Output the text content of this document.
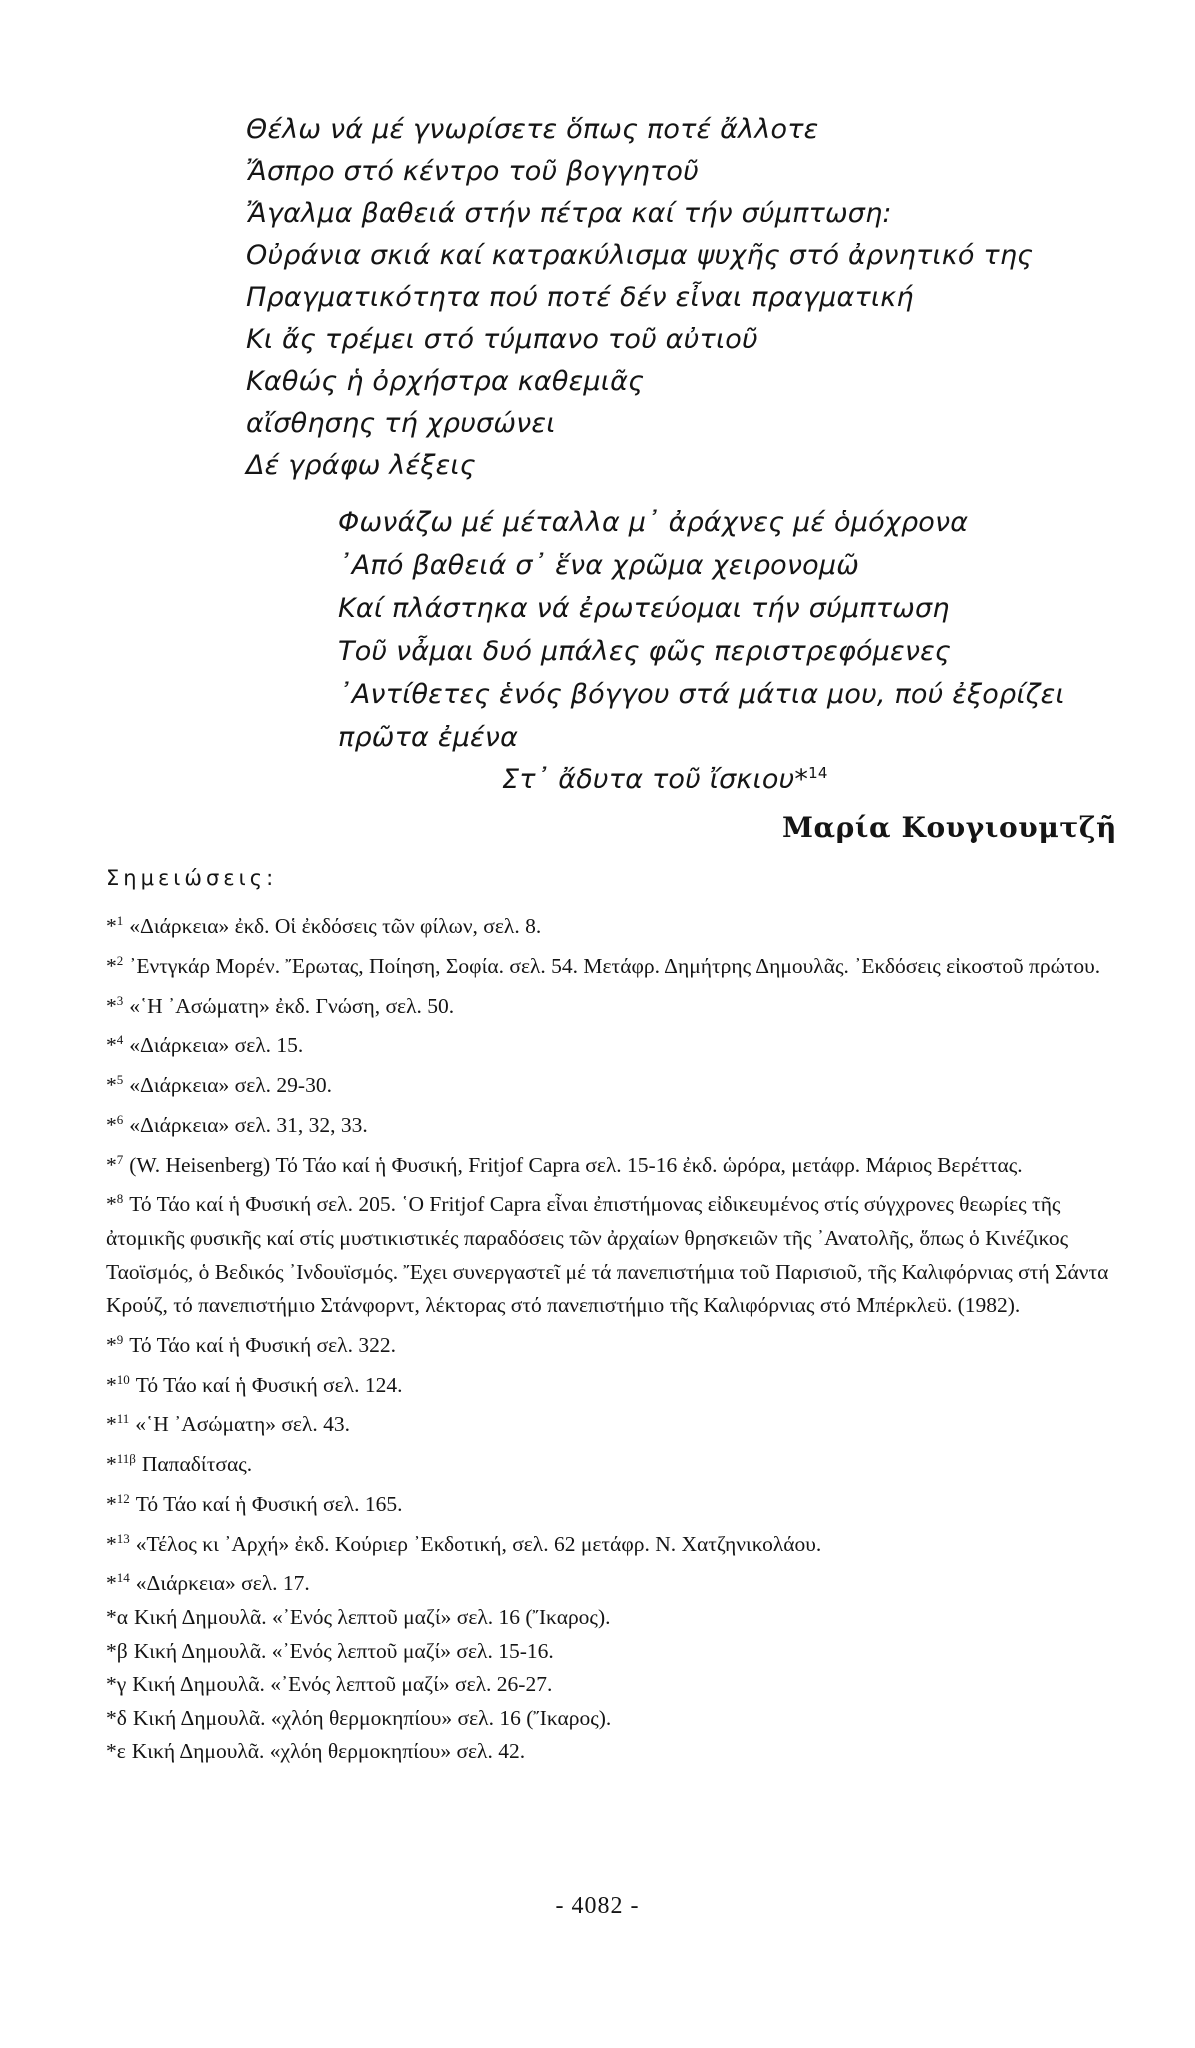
Θέλω νά μέ γνωρίσετε ὅπως ποτέ ἄλλοτε
Ἄσπρο στό κέντρο τοῦ βογγητοῦ
Ἄγαλμα βαθειά στήν πέτρα καί τήν σύμπτωση:
Οὐράνια σκιά καί κατρακύλισμα ψυχῆς στό ἀρνητικό της
Πραγματικότητα πού ποτέ δέν εἶναι πραγματική
Κι ἄς τρέμει στό τύμπανο τοῦ αὐτιοῦ
Καθώς ἡ ὀρχήστρα καθεμιᾶς
αἴσθησης τή χρυσώνει
Δέ γράφω λέξεις
Φωνάζω μέ μέταλλα μ᾿ ἀράχνες μέ ὁμόχρονα
᾿Από βαθειά σ᾿ ἕνα χρῶμα χειρονομῶ
Καί πλάστηκα νά ἐρωτεύομαι τήν σύμπτωση
Τοῦ νἆμαι δυό μπάλες φῶς περιστρεφόμενες
᾿Αντίθετες ἑνός βόγγου στά μάτια μου, πού ἐξορίζει
πρῶτα ἐμένα
Στ᾿ ἄδυτα τοῦ ἴσκιου*$^{14}$
Μαρία Κουγιουμτζῆ
Σημειώσεις:

*$^1$ «Διάρκεια» ἐκδ. Οἱ ἐκδόσεις τῶν φίλων, σελ. 8.

*$^2$ ᾿Εντγκάρ Μορέν. Ἔρωτας, Ποίηση, Σοφία. σελ. 54. Μετάφρ. Δημήτρης Δημουλᾶς. ᾿Εκδόσεις εἰκοστοῦ πρώτου.

*$^3$ «῾Η ᾿Ασώματη» ἐκδ. Γνώση, σελ. 50.

*$^4$ «Διάρκεια» σελ. 15.

*$^5$ «Διάρκεια» σελ. 29-30.

*$^6$ «Διάρκεια» σελ. 31, 32, 33.

*$^7$ (W. Heisenberg) Τό Τάο καί ἡ Φυσική, Fritjof Capra σελ. 15-16 ἐκδ. ὡρόρα, μετάφρ. Μάριος Βερέττας.

*$^8$ Τό Τάο καί ἡ Φυσική σελ. 205. ῾Ο Fritjof Capra εἶναι ἐπιστήμονας εἰδικευμένος στίς σύγχρονες θεωρίες τῆς ἀτομικῆς φυσικῆς καί στίς μυστικιστικές παραδόσεις τῶν ἀρχαίων θρησκειῶν τῆς ᾿Ανατολῆς, ὅπως ὁ Κινέζικος Ταοϊσμός, ὁ Βεδικός ᾿Ινδουϊσμός. Ἔχει συνεργαστεῖ μέ τά πανεπιστήμια τοῦ Παρισιοῦ, τῆς Καλιφόρνιας στή Σάντα Κρούζ, τό πανεπιστήμιο Στάνφορντ, λέκτορας στό πανεπιστήμιο τῆς Καλιφόρνιας στό Μπέρκλεϋ. (1982).

*$^9$ Τό Τάο καί ἡ Φυσική σελ. 322.

*$^{10}$ Τό Τάο καί ἡ Φυσική σελ. 124.

*$^{11}$ «῾Η ᾿Ασώματη» σελ. 43.

*$^{11\beta}$ Παπαδίτσας.

*$^{12}$ Τό Τάο καί ἡ Φυσική σελ. 165.

*$^{13}$ «Τέλος κι ᾿Αρχή» ἐκδ. Κούριερ ᾿Εκδοτική, σελ. 62 μετάφρ. Ν. Χατζηνικολάου.

*$^{14}$ «Διάρκεια» σελ. 17.

*α Κική Δημουλᾶ. «᾿Ενός λεπτοῦ μαζί» σελ. 16 (Ἴκαρος).

*β Κική Δημουλᾶ. «᾿Ενός λεπτοῦ μαζί» σελ. 15-16.

*γ Κική Δημουλᾶ. «᾿Ενός λεπτοῦ μαζί» σελ. 26-27.

*δ Κική Δημουλᾶ. «χλόη θερμοκηπίου» σελ. 16 (Ἴκαρος).

*ε Κική Δημουλᾶ. «χλόη θερμοκηπίου» σελ. 42.

- 4082 -
